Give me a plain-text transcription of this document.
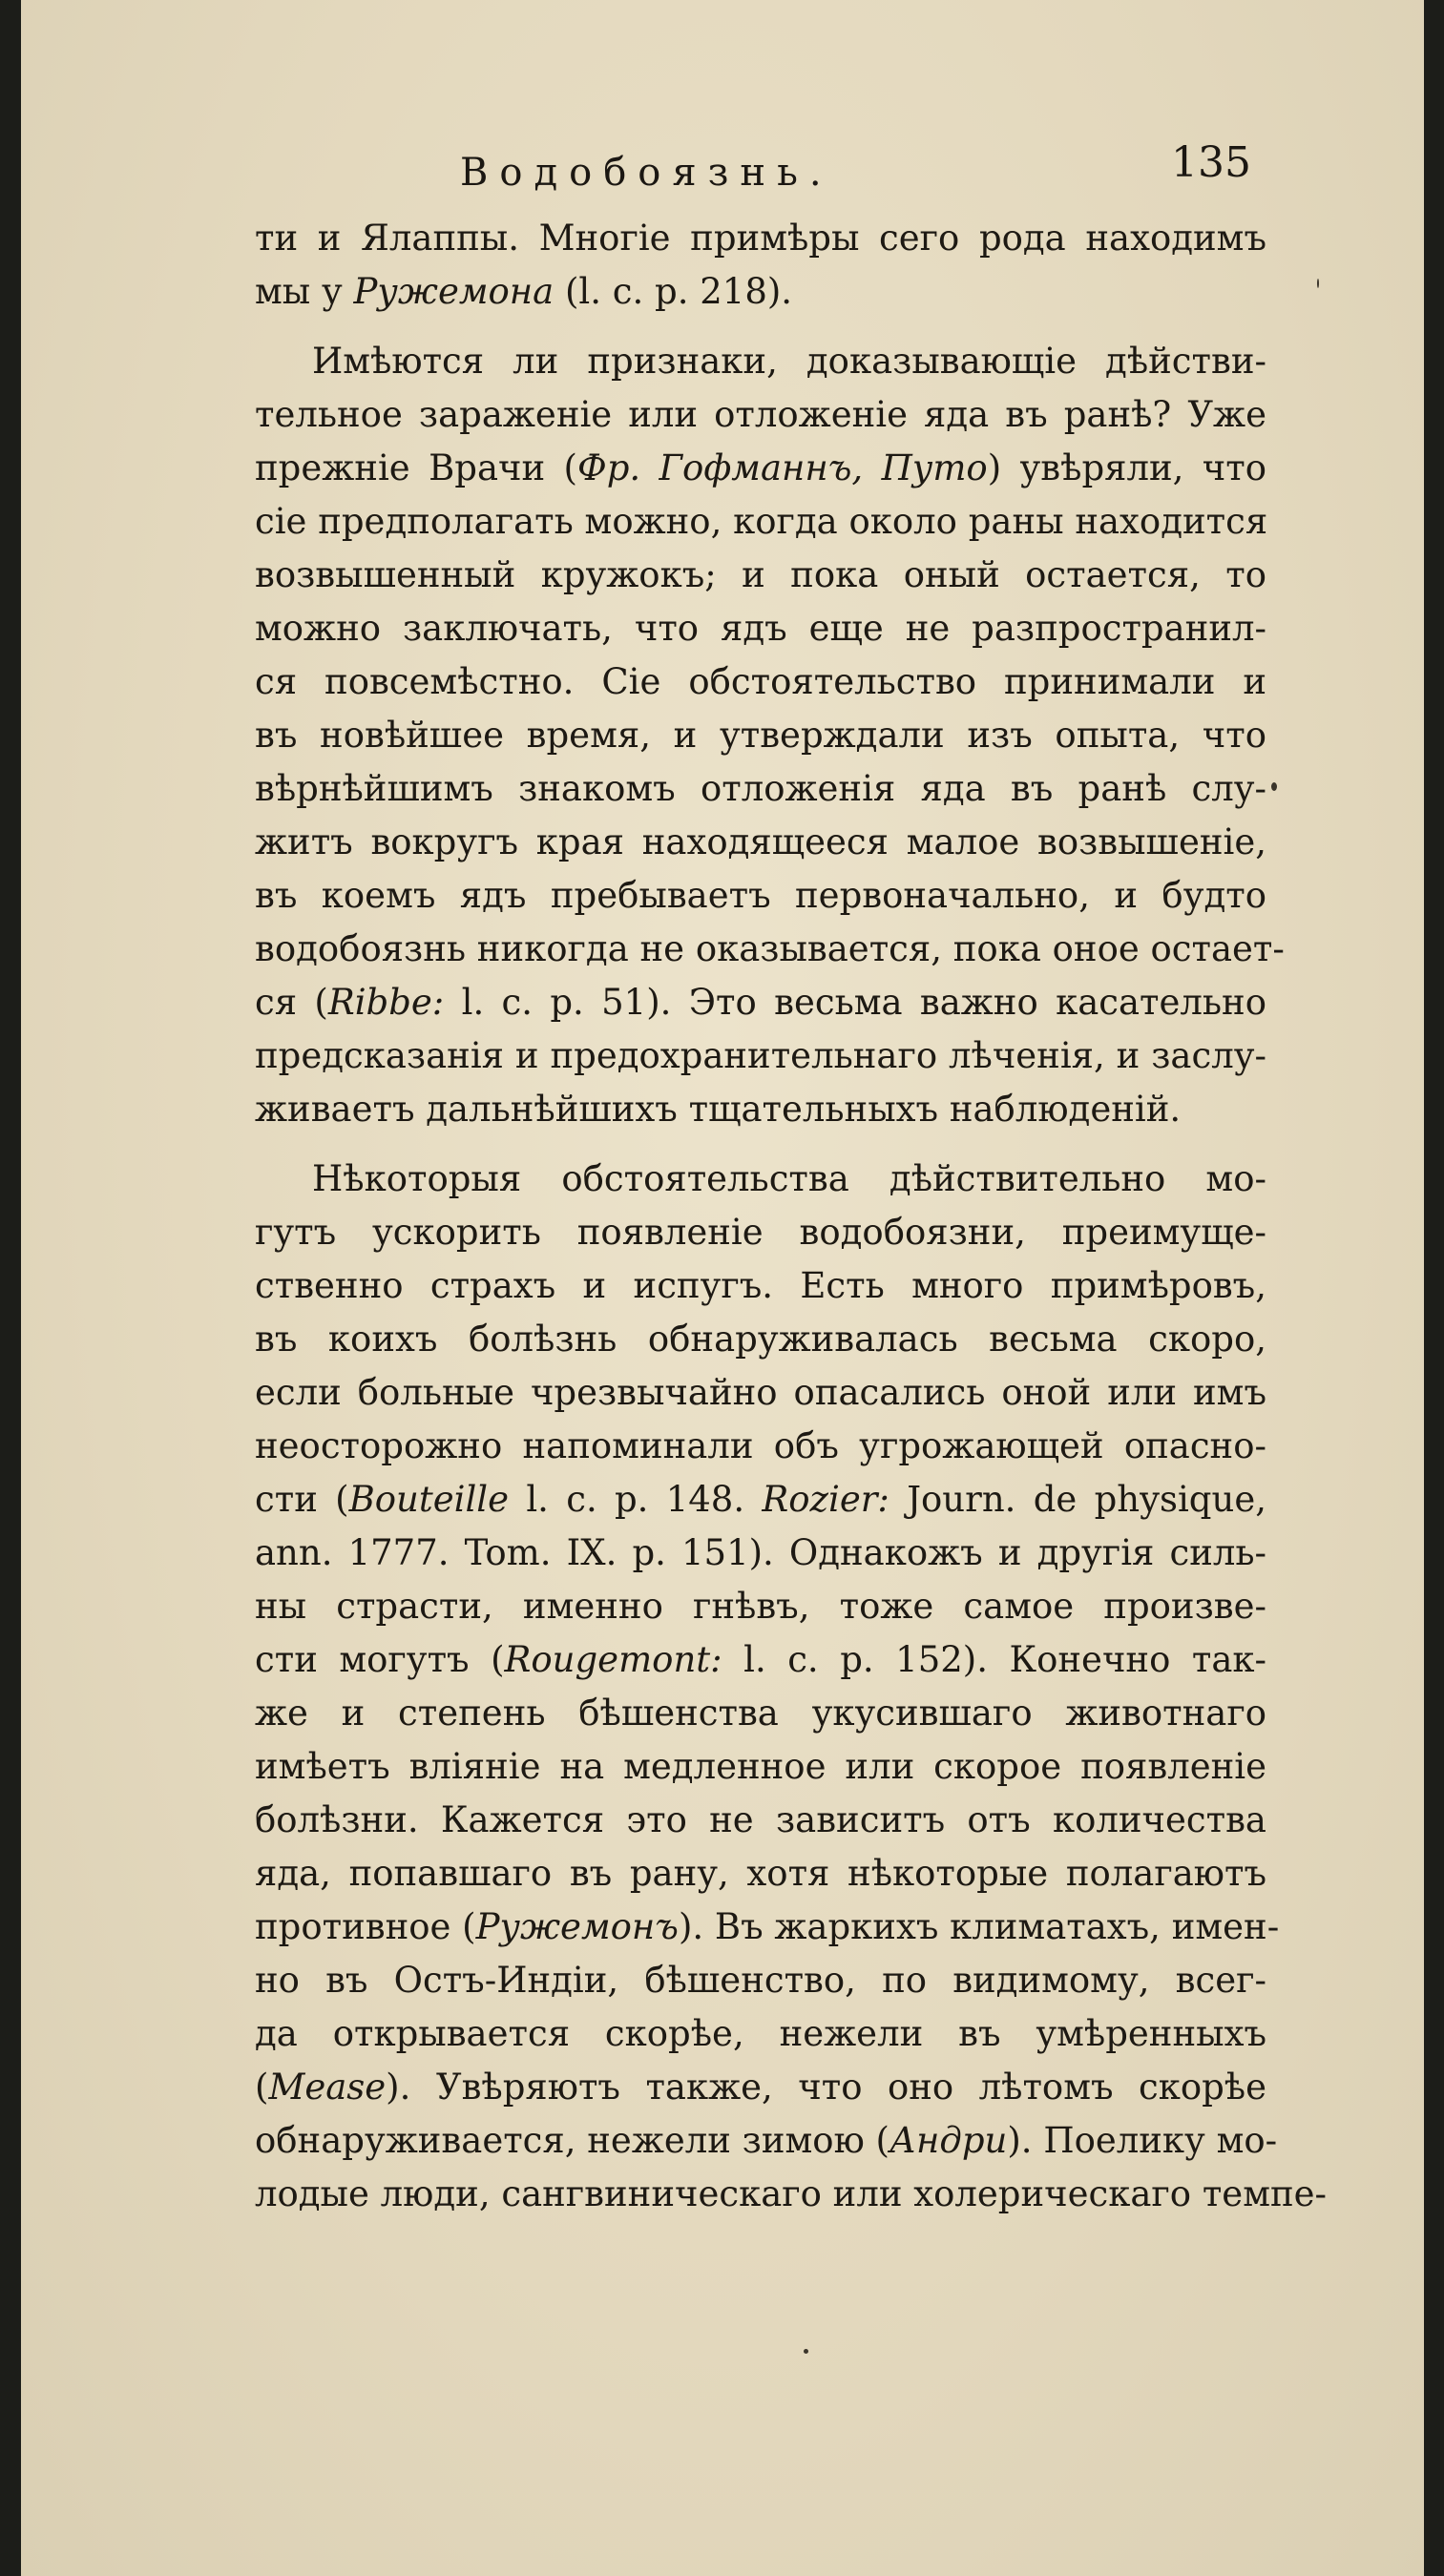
Водобоязнь.	135
ти и Ялаппы. Многіе примѣры сего рода находимъ
мы у Ружемона (l. с. p. 218).
Имѣются ли признаки, доказывающіе дѣйстви-
тельное зараженіе или отложеніе яда въ ранѣ? Уже
прежніе Врачи (Фр. Гофманнъ, Пуmo) увѣряли, что
сіе предполагать можно, когда около раны находится
возвышенный кружокъ; и пока оный остается, то
можно заключать, что ядъ еще не разпространил-
ся повсемѣстно. Сіе обстоятельство принимали и
въ новѣйшее время, и утверждали изъ опыта, что
вѣрнѣйшимъ знакомъ отложенія яда въ ранѣ слу-
житъ вокругъ края находящееся малое возвышеніе,
въ коемъ ядъ пребываетъ первоначально, и будто
водобоязнь никогда не оказывается, пока оное остает-
ся (Ribbe: l. c. p. 51). Это весьма важно касательно
предсказанія и предохранительнаго лѣченія, и заслу-
живаетъ дальнѣйшихъ тщательныхъ наблюденій.
Нѣкоторыя обстоятельства дѣйствительно мо-
гутъ ускорить появленіе водобоязни, преимуще-
ственно страхъ и испугъ. Есть много примѣровъ,
въ коихъ болѣзнь обнаруживалась весьма скоро,
если больные чрезвычайно опасались оной или имъ
неосторожно напоминали объ угрожающей опасно-
сти (Bouteille l. c. p. 148. Rozier: Journ. de physique,
ann. 1777. Tom. IX. p. 151). Однакожъ и другія силь-
ны страсти, именно гнѣвъ, тоже самое произве-
сти могутъ (Rougemont: l. c. p. 152). Конечно так-
же и степень бѣшенства укусившаго животнаго
имѣетъ вліяніе на медленное или скорое появленіе
болѣзни. Кажется это не зависитъ отъ количества
яда, попавшаго въ рану, хотя нѣкоторые полагаютъ
противное (Ружемонъ). Въ жаркихъ климатахъ, имен-
но въ Остъ-Индіи, бѣшенство, по видимому, всег-
да открывается скорѣе, нежели въ умѣренныхъ
(Mease). Увѣряютъ также, что оно лѣтомъ скорѣе
обнаруживается, нежели зимою (Андри). Поелику мо-
лодые люди, сангвиническаго или холерическаго темпе-
